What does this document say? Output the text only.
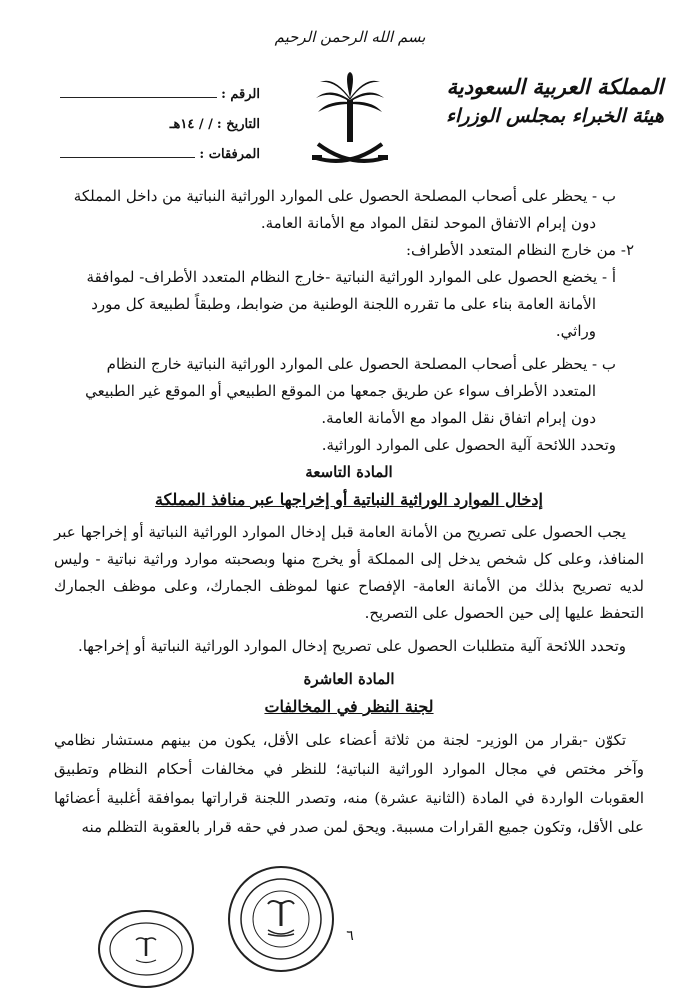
بسم الله الرحمن الرحيم
المملكة العربية السعودية
هيئة الخبراء بمجلس الوزراء
الرقم :
التاريخ :
/ / ١٤هـ
المرفقات :

ب - يحظر على أصحاب المصلحة الحصول على الموارد الوراثية النباتية من داخل المملكة

دون إبرام الاتفاق الموحد لنقل المواد مع الأمانة العامة.

٢- من خارج النظام المتعدد الأطراف:

أ - يخضع الحصول على الموارد الوراثية النباتية -خارج النظام المتعدد الأطراف- لموافقة

الأمانة العامة بناء على ما تقرره اللجنة الوطنية من ضوابط، وطبقاً لطبيعة كل مورد

وراثي.

ب - يحظر على أصحاب المصلحة الحصول على الموارد الوراثية النباتية خارج النظام

المتعدد الأطراف سواء عن طريق جمعها من الموقع الطبيعي أو الموقع غير الطبيعي

دون إبرام اتفاق نقل المواد مع الأمانة العامة.

وتحدد اللائحة آلية الحصول على الموارد الوراثية.

المادة التاسعة

إدخال الموارد الوراثية النباتية أو إخراجها عبر منافذ المملكة

يجب الحصول على تصريح من الأمانة العامة قبل إدخال الموارد الوراثية النباتية أو إخراجها عبر المنافذ، وعلى كل شخص يدخل إلى المملكة أو يخرج منها وبصحبته موارد وراثية نباتية - وليس لديه تصريح بذلك من الأمانة العامة- الإفصاح عنها لموظف الجمارك، وعلى موظف الجمارك التحفظ عليها إلى حين الحصول على التصريح.

وتحدد اللائحة آلية متطلبات الحصول على تصريح إدخال الموارد الوراثية النباتية أو إخراجها.

المادة العاشرة

لجنة النظر في المخالفات

تكوّن -بقرار من الوزير- لجنة من ثلاثة أعضاء على الأقل، يكون من بينهم مستشار نظامي وآخر مختص في مجال الموارد الوراثية النباتية؛ للنظر في مخالفات أحكام النظام وتطبيق العقوبات الواردة في المادة (الثانية عشرة) منه، وتصدر اللجنة قراراتها بموافقة أغلبية أعضائها على الأقل، وتكون جميع القرارات مسببة. ويحق لمن صدر في حقه قرار بالعقوبة التظلم منه

٦
